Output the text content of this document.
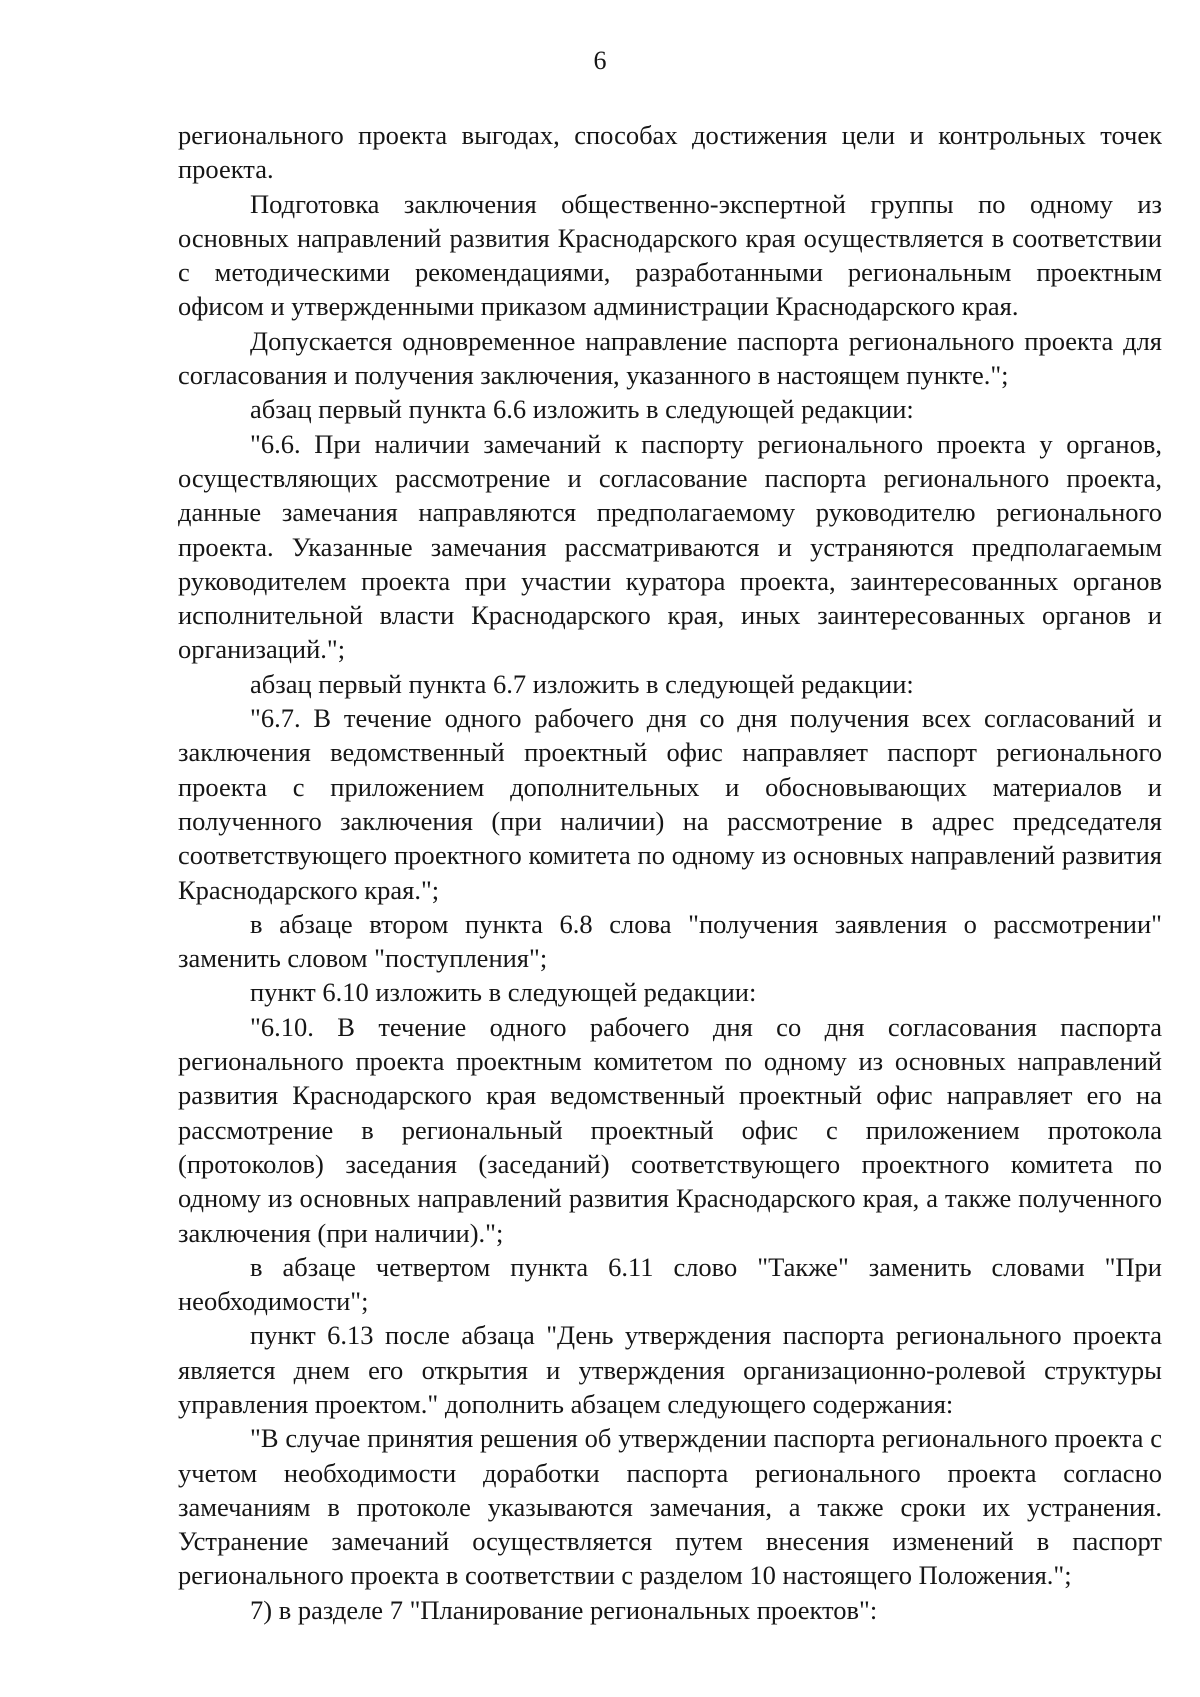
6

регионального проекта выгодах, способах достижения цели и контрольных точек проекта.

Подготовка заключения общественно-экспертной группы по одному из основных направлений развития Краснодарского края осуществляется в соответствии с методическими рекомендациями, разработанными региональным проектным офисом и утвержденными приказом администрации Краснодарского края.

Допускается одновременное направление паспорта регионального проекта для согласования и получения заключения, указанного в настоящем пункте.";

абзац первый пункта 6.6 изложить в следующей редакции:

"6.6. При наличии замечаний к паспорту регионального проекта у органов, осуществляющих рассмотрение и согласование паспорта регионального проекта, данные замечания направляются предполагаемому руководителю регионального проекта. Указанные замечания рассматриваются и устраняются предполагаемым руководителем проекта при участии куратора проекта, заинтересованных органов исполнительной власти Краснодарского края, иных заинтересованных органов и организаций.";

абзац первый пункта 6.7 изложить в следующей редакции:

"6.7. В течение одного рабочего дня со дня получения всех согласований и заключения ведомственный проектный офис направляет паспорт регионального проекта с приложением дополнительных и обосновывающих материалов и полученного заключения (при наличии) на рассмотрение в адрес председателя соответствующего проектного комитета по одному из основных направлений развития Краснодарского края.";

в абзаце втором пункта 6.8 слова "получения заявления о рассмотрении" заменить словом "поступления";

пункт 6.10 изложить в следующей редакции:

"6.10. В течение одного рабочего дня со дня согласования паспорта регионального проекта проектным комитетом по одному из основных направлений развития Краснодарского края ведомственный проектный офис направляет его на рассмотрение в региональный проектный офис с приложением протокола (протоколов) заседания (заседаний) соответствующего проектного комитета по одному из основных направлений развития Краснодарского края, а также полученного заключения (при наличии).";

в абзаце четвертом пункта 6.11 слово "Также" заменить словами "При необходимости";

пункт 6.13 после абзаца "День утверждения паспорта регионального проекта является днем его открытия и утверждения организационно-ролевой структуры управления проектом." дополнить абзацем следующего содержания:

"В случае принятия решения об утверждении паспорта регионального проекта с учетом необходимости доработки паспорта регионального проекта согласно замечаниям в протоколе указываются замечания, а также сроки их устранения. Устранение замечаний осуществляется путем внесения изменений в паспорт регионального проекта в соответствии с разделом 10 настоящего Положения.";

7) в разделе 7 "Планирование региональных проектов":
